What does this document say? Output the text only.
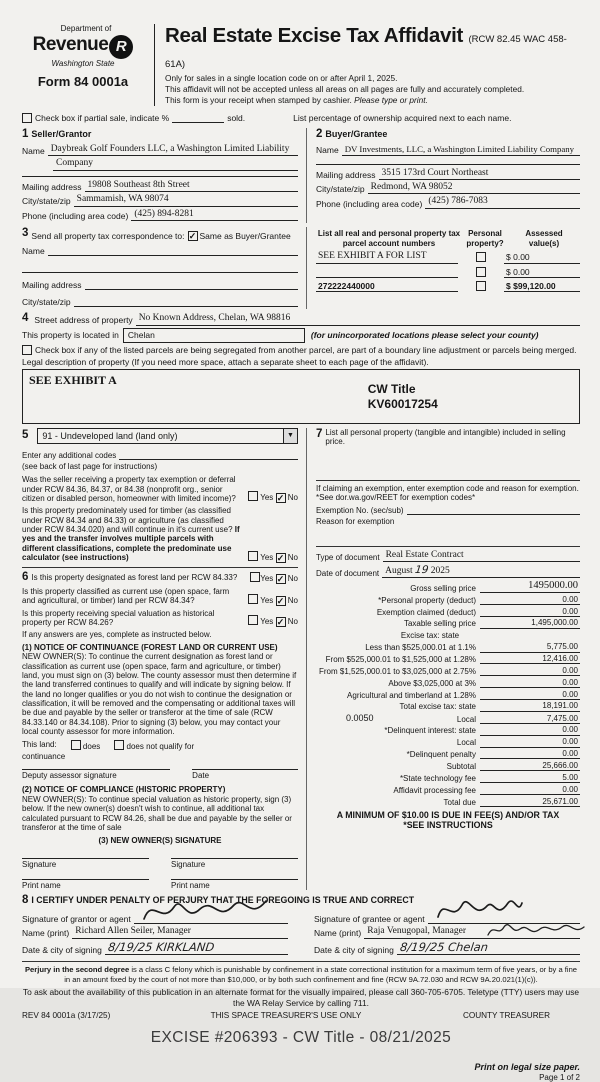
Department of
Revenue R
Washington State
Form 84 0001a
Real Estate Excise Tax Affidavit (RCW 82.45 WAC 458-61A)
Only for sales in a single location code on or after April 1, 2025.
This affidavit will not be accepted unless all areas on all pages are fully and accurately completed.
This form is your receipt when stamped by cashier. Please type or print.
Check box if partial sale, indicate %	sold.	List percentage of ownership acquired next to each name.
1 Seller/Grantor
Name Daybreak Golf Founders LLC, a Washington Limited Liability
Company
Mailing address 19808 Southeast 8th Street
City/state/zip Sammamish, WA 98074
Phone (including area code) (425) 894-8281
2 Buyer/Grantee
Name DV Investments, LLC, a Washington Limited Liability Company
Mailing address 3515 173rd Court Northeast
City/state/zip Redmond, WA 98052
Phone (including area code) (425) 786-7083
3 Send all property tax correspondence to: ✓ Same as Buyer/Grantee
Name
Mailing address
City/state/zip
List all real and personal property tax
parcel account numbers
Personal
property?
Assessed
value(s)
SEE EXHIBIT A FOR LIST	$ 0.00
$ 0.00
272222440000	$ $99,120.00
4 Street address of property No Known Address, Chelan, WA 98816
This property is located in	Chelan	(for unincorporated locations please select your county)
Check box if any of the listed parcels are being segregated from another parcel, are part of a boundary line adjustment or parcels being merged.
Legal description of property (If you need more space, attach a separate sheet to each page of the affidavit).
SEE EXHIBIT A
CW Title
KV60017254
5 91 - Undeveloped land (land only)	▼
Enter any additional codes
(see back of last page for instructions)
Was the seller receiving a property tax exemption or deferral under RCW 84.36, 84.37, or 84.38 (nonprofit org., senior citizen or disabled person, homeowner with limited income)?	Yes ✓ No
Is this property predominately used for timber (as classified under RCW 84.34 and 84.33) or agriculture (as classified under RCW 84.34.020) and will continue in it's current use? If yes and the transfer involves multiple parcels with different classifications, complete the predominate use calculator (see instructions)	Yes ✓ No
6 Is this property designated as forest land per RCW 84.33?	Yes ✓ No
Is this property classified as current use (open space, farm and agricultural, or timber) land per RCW 84.34?	Yes ✓ No
Is this property receiving special valuation as historical property per RCW 84.26?	Yes ✓ No
If any answers are yes, complete as instructed below.
(1) NOTICE OF CONTINUANCE (FOREST LAND OR CURRENT USE)
NEW OWNER(S): To continue the current designation as forest land or classification as current use (open space, farm and agriculture, or timber) land, you must sign on (3) below. The county assessor must then determine if the land transferred continues to qualify and will indicate by signing below. If the land no longer qualifies or you do not wish to continue the designation or classification, it will be removed and the compensating or additional taxes will be due and payable by the seller or transferor at the time of sale (RCW 84.33.140 or 84.34.108). Prior to signing (3) below, you may contact your local county assessor for more information.
This land:	does	does not qualify for
continuance
Deputy assessor signature	Date
(2) NOTICE OF COMPLIANCE (HISTORIC PROPERTY)
NEW OWNER(S): To continue special valuation as historic property, sign (3) below. If the new owner(s) doesn't wish to continue, all additional tax calculated pursuant to RCW 84.26, shall be due and payable by the seller or transferor at the time of sale
(3) NEW OWNER(S) SIGNATURE
Signature	Signature
Print name	Print name
7 List all personal property (tangible and intangible) included in selling price.
If claiming an exemption, enter exemption code and reason for exemption. *See dor.wa.gov/REET for exemption codes*
Exemption No. (sec/sub)
Reason for exemption
Type of document Real Estate Contract
Date of document August 19 2025
Gross selling price	1495000.00
*Personal property (deduct)	0.00
Exemption claimed (deduct)	0.00
Taxable selling price	1,495,000.00
Excise tax: state
Less than $525,000.01 at 1.1%	5,775.00
From $525,000.01 to $1,525,000 at 1.28%	12,416.00
From $1,525,000.01 to $3,025,000 at 2.75%	0.00
Above $3,025,000 at 3%	0.00
Agricultural and timberland at 1.28%	0.00
Total excise tax: state	18,191.00
0.0050	Local	7,475.00
*Delinquent interest: state	0.00
Local	0.00
*Delinquent penalty	0.00
Subtotal	25,666.00
*State technology fee	5.00
Affidavit processing fee	0.00
Total due	25,671.00
A MINIMUM OF $10.00 IS DUE IN FEE(S) AND/OR TAX
*SEE INSTRUCTIONS
8 I CERTIFY UNDER PENALTY OF PERJURY THAT THE FOREGOING IS TRUE AND CORRECT
Signature of grantor or agent
Name (print) Richard Allen Seiler, Manager
Date & city of signing 8/19/25 KIRKLAND
Signature of grantee or agent
Name (print) Raja Venugopal, Manager
Date & city of signing 8/19/25 Chelan
Perjury in the second degree is a class C felony which is punishable by confinement in a state correctional institution for a maximum term of five years, or by a fine in an amount fixed by the court of not more than $10,000, or by both such confinement and fine (RCW 9A.72.030 and RCW 9A.20.021(1)(c)).
To ask about the availability of this publication in an alternate format for the visually impaired, please call 360-705-6705. Teletype (TTY) users may use the WA Relay Service by calling 711.
REV 84 0001a (3/17/25)	THIS SPACE TREASURER'S USE ONLY	COUNTY TREASURER
EXCISE #206393 - CW Title - 08/21/2025
Print on legal size paper.
Page 1 of 2
